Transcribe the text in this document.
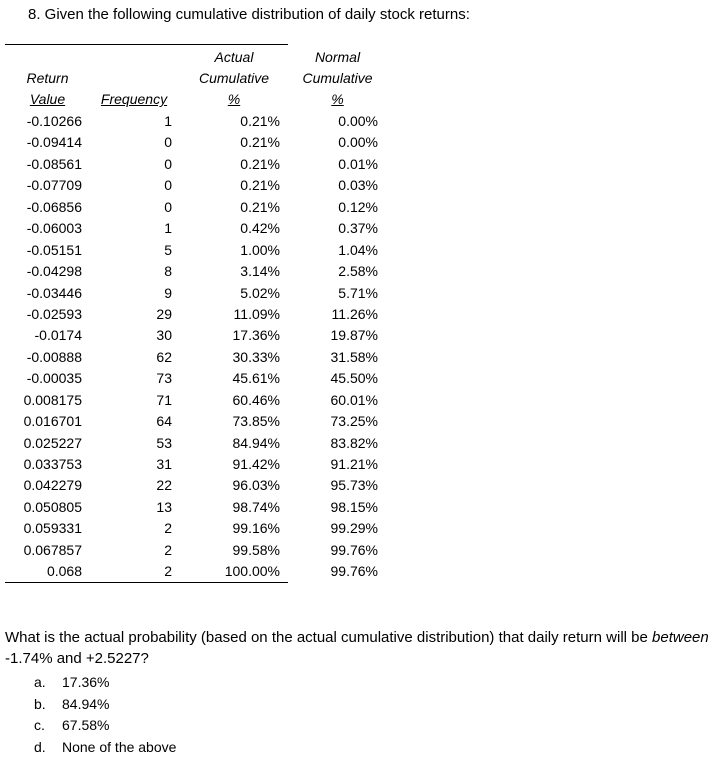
8. Given the following cumulative distribution of daily stock returns:
Return
Value	Frequency
Actual
Cumulative
%
Normal
Cumulative
%
-0.10266	1	0.21%	0.00%
-0.09414	0	0.21%	0.00%
-0.08561	0	0.21%	0.01%
-0.07709	0	0.21%	0.03%
-0.06856	0	0.21%	0.12%
-0.06003	1	0.42%	0.37%
-0.05151	5	1.00%	1.04%
-0.04298	8	3.14%	2.58%
-0.03446	9	5.02%	5.71%
-0.02593	29	11.09%	11.26%
-0.0174	30	17.36%	19.87%
-0.00888	62	30.33%	31.58%
-0.00035	73	45.61%	45.50%
0.008175	71	60.46%	60.01%
0.016701	64	73.85%	73.25%
0.025227	53	84.94%	83.82%
0.033753	31	91.42%	91.21%
0.042279	22	96.03%	95.73%
0.050805	13	98.74%	98.15%
0.059331	2	99.16%	99.29%
0.067857	2	99.58%	99.76%
0.068	2	100.00%	99.76%
What is the actual probability (based on the actual cumulative distribution) that daily return will be between -1.74% and +2.5227?
a. 17.36%
b. 84.94%
c. 67.58%
d. None of the above
